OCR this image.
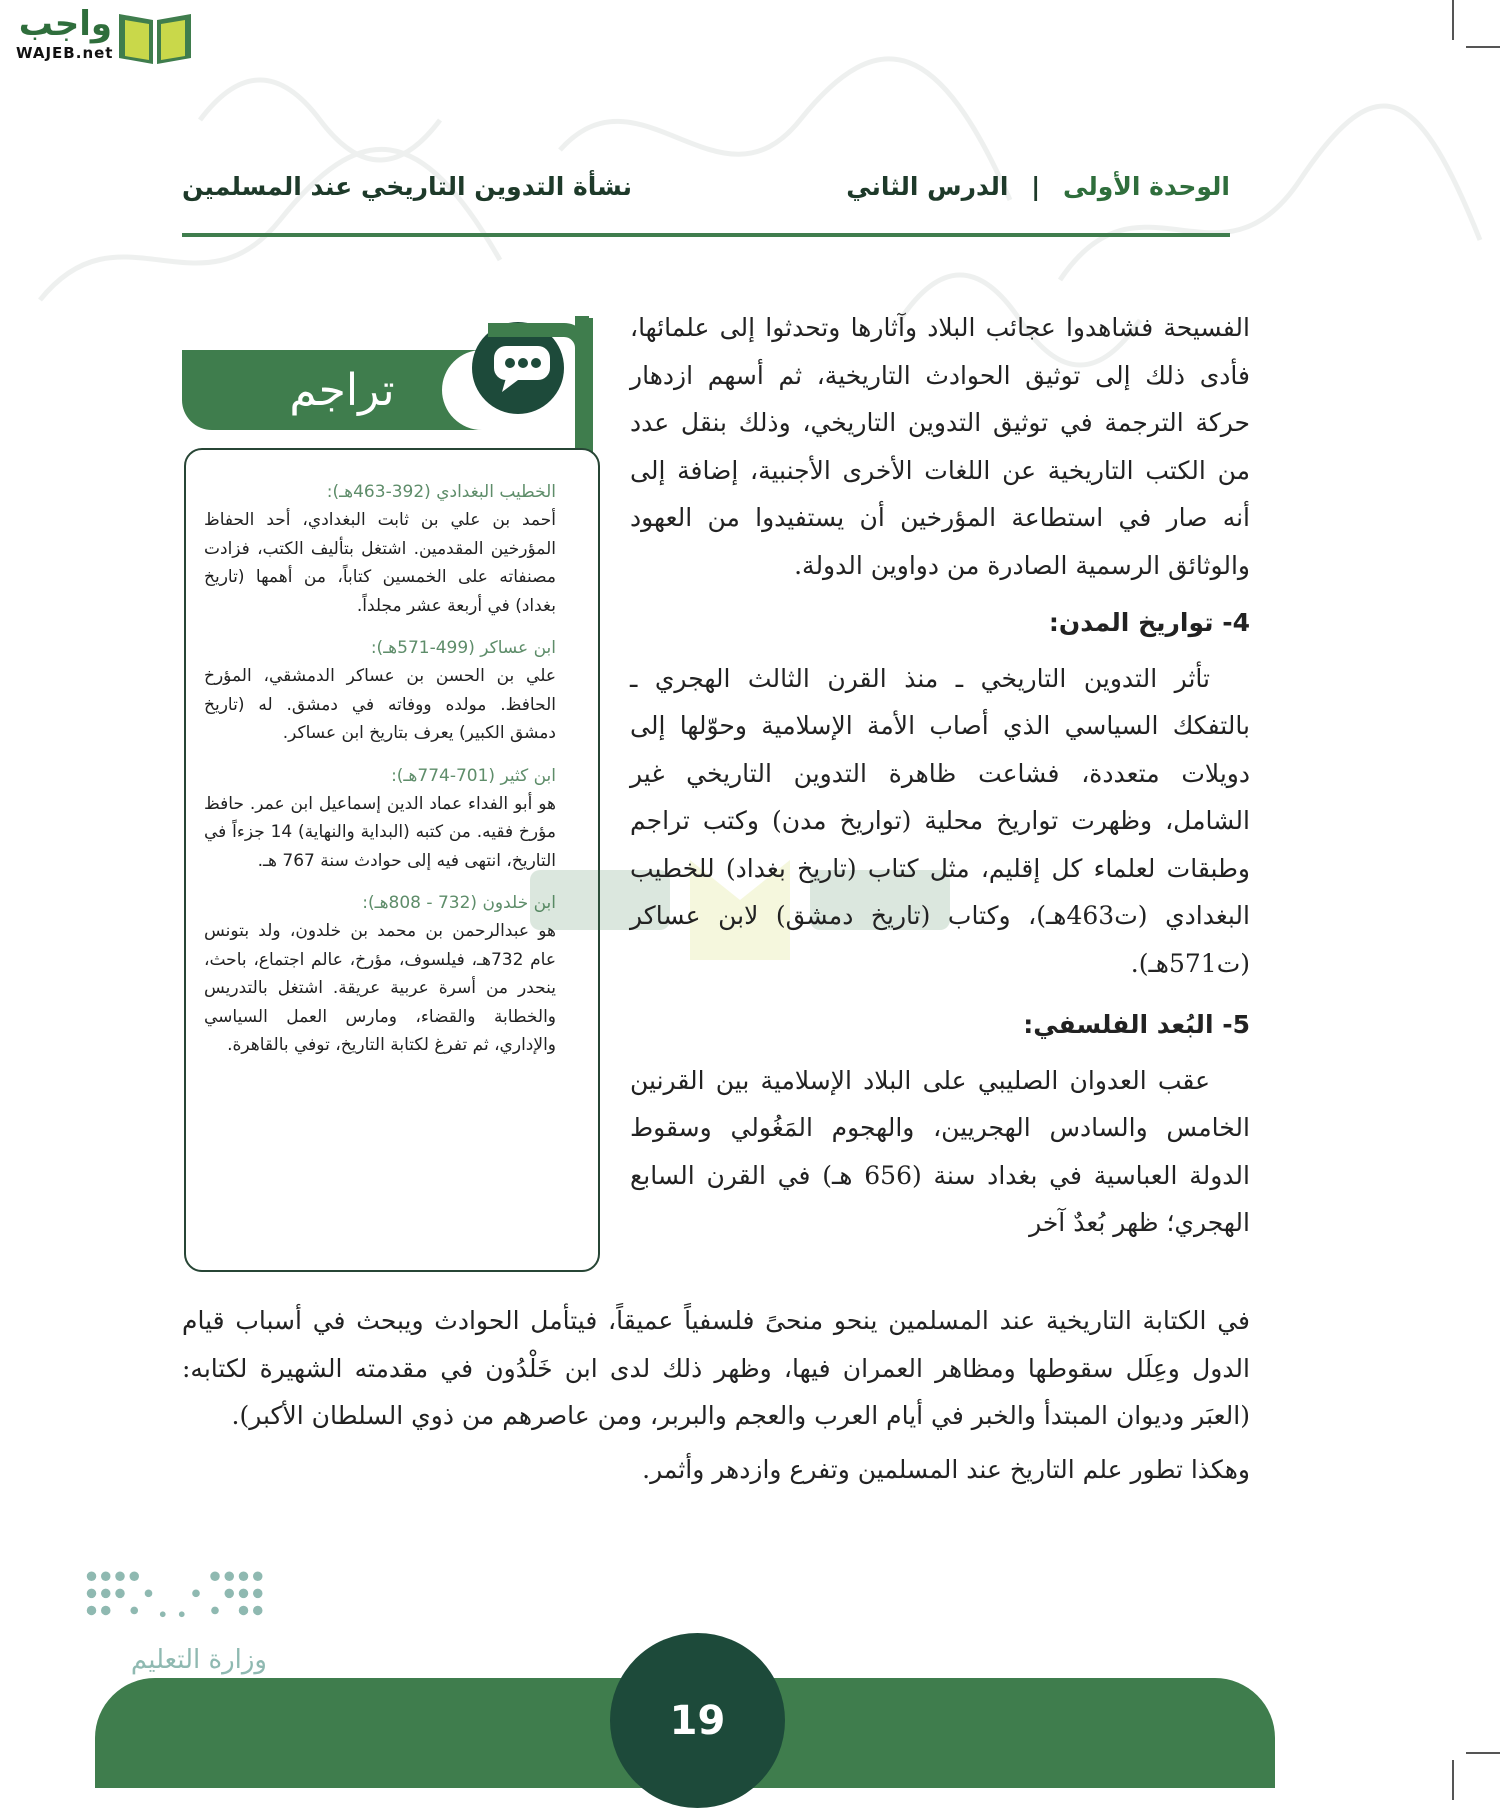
واجب
WAJEB.net
الوحدة الأولى | الدرس الثاني
نشأة التدوين التاريخي عند المسلمين
تراجم
الخطيب البغدادي (392-463هـ):
أحمد بن علي بن ثابت البغدادي، أحد الحفاظ المؤرخين المقدمين. اشتغل بتأليف الكتب، فزادت مصنفاته على الخمسين كتاباً، من أهمها (تاريخ بغداد) في أربعة عشر مجلداً.
ابن عساكر (499-571هـ):
علي بن الحسن بن عساكر الدمشقي، المؤرخ الحافظ. مولده ووفاته في دمشق. له (تاريخ دمشق الكبير) يعرف بتاريخ ابن عساكر.
ابن كثير (701-774هـ):
هو أبو الفداء عماد الدين إسماعيل ابن عمر. حافظ مؤرخ فقيه. من كتبه (البداية والنهاية) 14 جزءاً في التاريخ، انتهى فيه إلى حوادث سنة 767 هـ.
ابن خلدون (732 - 808هـ):
هو عبدالرحمن بن محمد بن خلدون، ولد بتونس عام 732هـ، فيلسوف، مؤرخ، عالم اجتماع، باحث، ينحدر من أسرة عربية عريقة. اشتغل بالتدريس والخطابة والقضاء، ومارس العمل السياسي والإداري، ثم تفرغ لكتابة التاريخ، توفي بالقاهرة.

الفسيحة فشاهدوا عجائب البلاد وآثارها وتحدثوا إلى علمائها، فأدى ذلك إلى توثيق الحوادث التاريخية، ثم أسهم ازدهار حركة الترجمة في توثيق التدوين التاريخي، وذلك بنقل عدد من الكتب التاريخية عن اللغات الأخرى الأجنبية، إضافة إلى أنه صار في استطاعة المؤرخين أن يستفيدوا من العهود والوثائق الرسمية الصادرة من دواوين الدولة.

4- تواريخ المدن:

تأثر التدوين التاريخي ـ منذ القرن الثالث الهجري ـ بالتفكك السياسي الذي أصاب الأمة الإسلامية وحوّلها إلى دويلات متعددة، فشاعت ظاهرة التدوين التاريخي غير الشامل، وظهرت تواريخ محلية (تواريخ مدن) وكتب تراجم وطبقات لعلماء كل إقليم، مثل كتاب (تاريخ بغداد) للخطيب البغدادي (ت463هـ)، وكتاب (تاريخ دمشق) لابن عساكر (ت571هـ).

5- البُعد الفلسفي:

عقب العدوان الصليبي على البلاد الإسلامية بين القرنين الخامس والسادس الهجريين، والهجوم المَغُولي وسقوط الدولة العباسية في بغداد سنة (656 هـ) في القرن السابع الهجري؛ ظهر بُعدٌ آخر

في الكتابة التاريخية عند المسلمين ينحو منحىً فلسفياً عميقاً، فيتأمل الحوادث ويبحث في أسباب قيام الدول وعِلَل سقوطها ومظاهر العمران فيها، وظهر ذلك لدى ابن خَلْدُون في مقدمته الشهيرة لكتابه: (العبَر وديوان المبتدأ والخبر في أيام العرب والعجم والبربر، ومن عاصرهم من ذوي السلطان الأكبر).

وهكذا تطور علم التاريخ عند المسلمين وتفرع وازدهر وأثمر.

وزارة التعليم
19
